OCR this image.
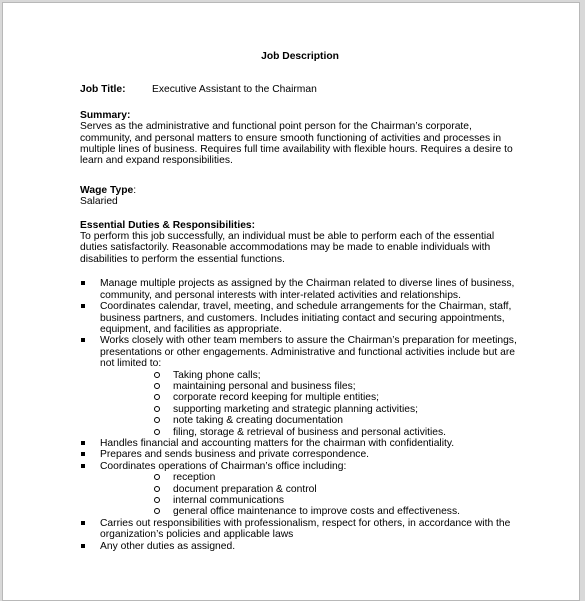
Job Description

Job Title:	Executive Assistant to the Chairman

Summary:

Serves as the administrative and functional point person for the Chairman’s corporate, community, and personal matters to ensure smooth functioning of activities and processes in multiple lines of business. Requires full time availability with flexible hours. Requires a desire to learn and expand responsibilities.

Wage Type:

Salaried

Essential Duties & Responsibilities:

To perform this job successfully, an individual must be able to perform each of the essential duties satisfactorily. Reasonable accommodations may be made to enable individuals with disabilities to perform the essential functions.

Manage multiple projects as assigned by the Chairman related to diverse lines of business, community, and personal interests with inter-related activities and relationships.
Coordinates calendar, travel, meeting, and schedule arrangements for the Chairman, staff, business partners, and customers. Includes initiating contact and securing appointments, equipment, and facilities as appropriate.
Works closely with other team members to assure the Chairman’s preparation for meetings, presentations or other engagements. Administrative and functional activities include but are not limited to:
Taking phone calls;
maintaining personal and business files;
corporate record keeping for multiple entities;
supporting marketing and strategic planning activities;
note taking & creating documentation
filing, storage & retrieval of business and personal activities.
Handles financial and accounting matters for the chairman with confidentiality.
Prepares and sends business and private correspondence.
Coordinates operations of Chairman’s office including:
reception
document preparation & control
internal communications
general office maintenance to improve costs and effectiveness.
Carries out responsibilities with professionalism, respect for others, in accordance with the organization’s policies and applicable laws
Any other duties as assigned.
